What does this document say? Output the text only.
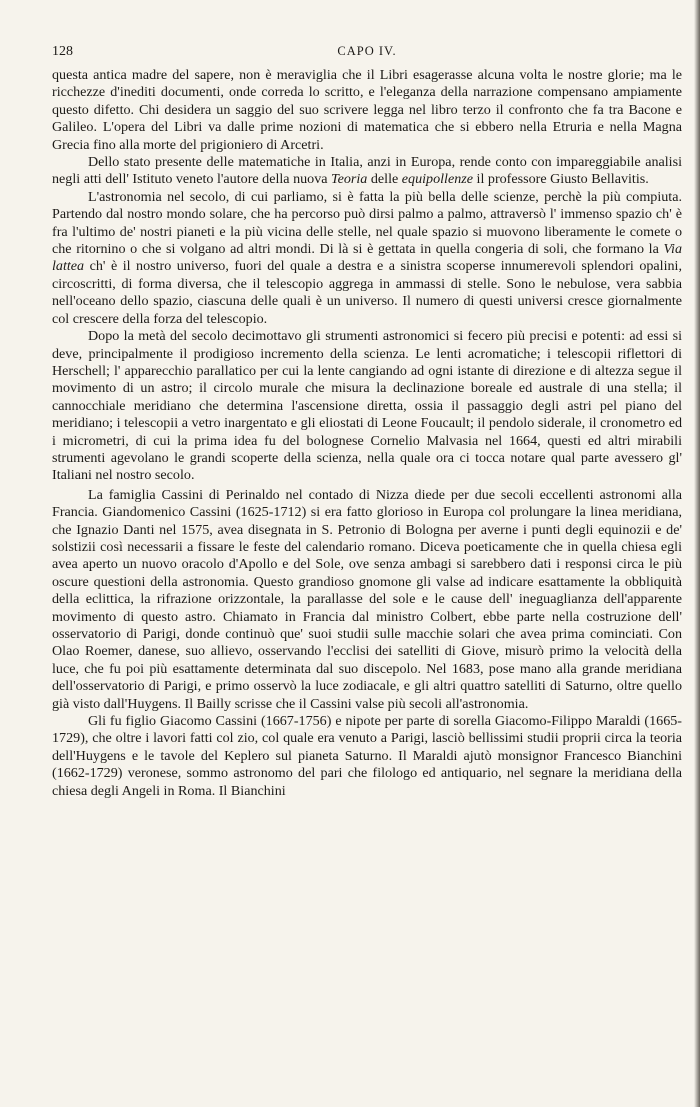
128	CAPO IV.

questa antica madre del sapere, non è meraviglia che il Libri esagerasse alcuna volta le nostre glorie; ma le ricchezze d'inediti documenti, onde correda lo scritto, e l'eleganza della narrazione compensano ampiamente questo difetto. Chi desidera un saggio del suo scrivere legga nel libro terzo il confronto che fa tra Bacone e Galileo. L'opera del Libri va dalle prime nozioni di matematica che si ebbero nella Etruria e nella Magna Grecia fino alla morte del prigioniero di Arcetri.

Dello stato presente delle matematiche in Italia, anzi in Europa, rende conto con impareggiabile analisi negli atti dell' Istituto veneto l'autore della nuova Teoria delle equipollenze il professore Giusto Bellavitis.

L'astronomia nel secolo, di cui parliamo, si è fatta la più bella delle scienze, perchè la più compiuta. Partendo dal nostro mondo solare, che ha percorso può dirsi palmo a palmo, attraversò l' immenso spazio ch' è fra l'ultimo de' nostri pianeti e la più vicina delle stelle, nel quale spazio si muovono liberamente le comete o che ritornino o che si volgano ad altri mondi. Di là si è gettata in quella congeria di soli, che formano la Via lattea ch' è il nostro universo, fuori del quale a destra e a sinistra scoperse innumerevoli splendori opalini, circoscritti, di forma diversa, che il telescopio aggrega in ammassi di stelle. Sono le nebulose, vera sabbia nell'oceano dello spazio, ciascuna delle quali è un universo. Il numero di questi universi cresce giornalmente col crescere della forza del telescopio.

Dopo la metà del secolo decimottavo gli strumenti astronomici si fecero più precisi e potenti: ad essi si deve, principalmente il prodigioso incremento della scienza. Le lenti acromatiche; i telescopii riflettori di Herschell; l' apparecchio parallatico per cui la lente cangiando ad ogni istante di direzione e di altezza segue il movimento di un astro; il circolo murale che misura la declinazione boreale ed australe di una stella; il cannocchiale meridiano che determina l'ascensione diretta, ossia il passaggio degli astri pel piano del meridiano; i telescopii a vetro inargentato e gli eliostati di Leone Foucault; il pendolo siderale, il cronometro ed i micrometri, di cui la prima idea fu del bolognese Cornelio Malvasia nel 1664, questi ed altri mirabili strumenti agevolano le grandi scoperte della scienza, nella quale ora ci tocca notare qual parte avessero gl' Italiani nel nostro secolo.

La famiglia Cassini di Perinaldo nel contado di Nizza diede per due secoli eccellenti astronomi alla Francia. Giandomenico Cassini (1625-1712) si era fatto glorioso in Europa col prolungare la linea meridiana, che Ignazio Danti nel 1575, avea disegnata in S. Petronio di Bologna per averne i punti degli equinozii e de' solstizii così necessarii a fissare le feste del calendario romano. Diceva poeticamente che in quella chiesa egli avea aperto un nuovo oracolo d'Apollo e del Sole, ove senza ambagi si sarebbero dati i responsi circa le più oscure questioni della astronomia. Questo grandioso gnomone gli valse ad indicare esattamente la obbliquità della eclittica, la rifrazione orizzontale, la parallasse del sole e le cause dell' ineguaglianza dell'apparente movimento di questo astro. Chiamato in Francia dal ministro Colbert, ebbe parte nella costruzione dell' osservatorio di Parigi, donde continuò que' suoi studii sulle macchie solari che avea prima cominciati. Con Olao Roemer, danese, suo allievo, osservando l'ecclisi dei satelliti di Giove, misurò primo la velocità della luce, che fu poi più esattamente determinata dal suo discepolo. Nel 1683, pose mano alla grande meridiana dell'osservatorio di Parigi, e primo osservò la luce zodiacale, e gli altri quattro satelliti di Saturno, oltre quello già visto dall'Huygens. Il Bailly scrisse che il Cassini valse più secoli all'astronomia.

Gli fu figlio Giacomo Cassini (1667-1756) e nipote per parte di sorella Giacomo-Filippo Maraldi (1665-1729), che oltre i lavori fatti col zio, col quale era venuto a Parigi, lasciò bellissimi studii proprii circa la teoria dell'Huygens e le tavole del Keplero sul pianeta Saturno. Il Maraldi ajutò monsignor Francesco Bianchini (1662-1729) veronese, sommo astronomo del pari che filologo ed antiquario, nel segnare la meridiana della chiesa degli Angeli in Roma. Il Bianchini
